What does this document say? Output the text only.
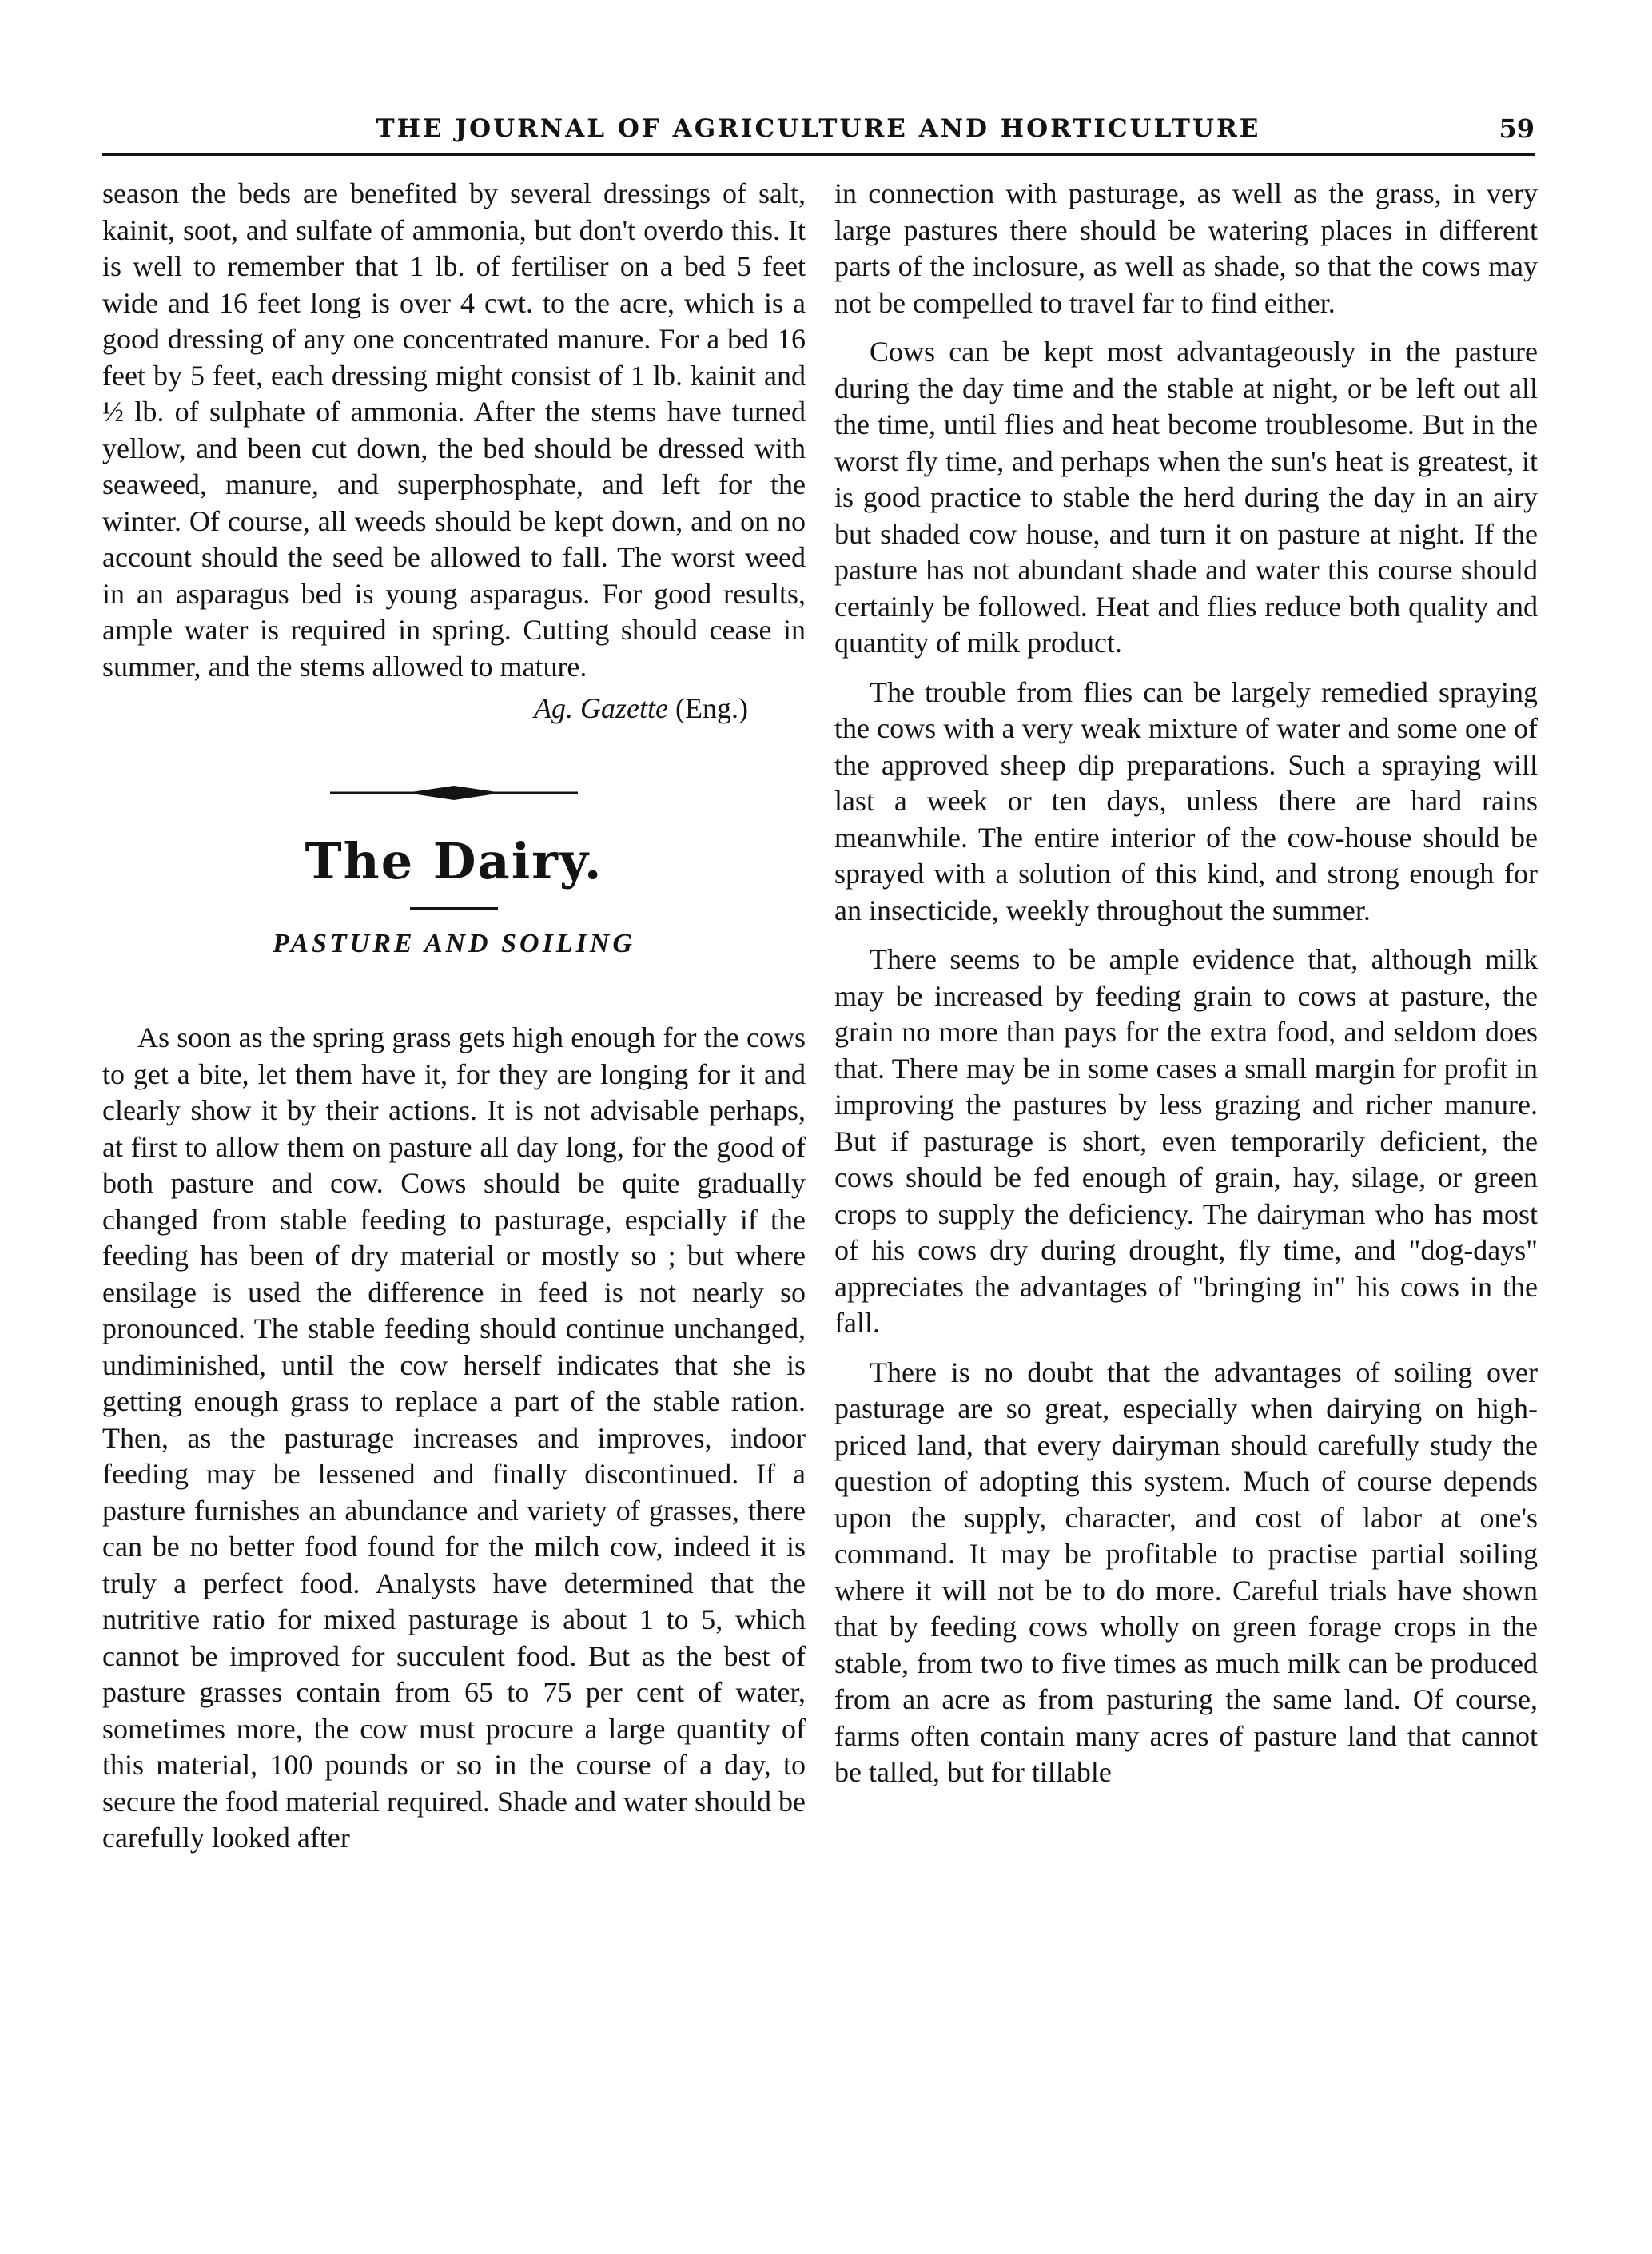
THE JOURNAL OF AGRICULTURE AND HORTICULTURE	59

season the beds are benefited by several dressings of salt, kainit, soot, and sulfate of ammonia, but don't overdo this. It is well to remember that 1 lb. of fertiliser on a bed 5 feet wide and 16 feet long is over 4 cwt. to the acre, which is a good dressing of any one concentrated manure. For a bed 16 feet by 5 feet, each dressing might consist of 1 lb. kainit and ½ lb. of sulphate of ammonia. After the stems have turned yellow, and been cut down, the bed should be dressed with seaweed, manure, and superphosphate, and left for the winter. Of course, all weeds should be kept down, and on no account should the seed be allowed to fall. The worst weed in an asparagus bed is young asparagus. For good results, ample water is required in spring. Cutting should cease in summer, and the stems allowed to mature.

Ag. Gazette (Eng.)
The Dairy.
PASTURE AND SOILING

As soon as the spring grass gets high enough for the cows to get a bite, let them have it, for they are longing for it and clearly show it by their actions. It is not advisable perhaps, at first to allow them on pasture all day long, for the good of both pasture and cow. Cows should be quite gradually changed from stable feeding to pasturage, espcially if the feeding has been of dry material or mostly so ; but where ensilage is used the difference in feed is not nearly so pronounced. The stable feeding should continue unchanged, undiminished, until the cow herself indicates that she is getting enough grass to replace a part of the stable ration. Then, as the pasturage increases and improves, indoor feeding may be lessened and finally discontinued. If a pasture furnishes an abundance and variety of grasses, there can be no better food found for the milch cow, indeed it is truly a perfect food. Analysts have determined that the nutritive ratio for mixed pasturage is about 1 to 5, which cannot be improved for succulent food. But as the best of pasture grasses contain from 65 to 75 per cent of water, sometimes more, the cow must procure a large quantity of this material, 100 pounds or so in the course of a day, to secure the food material required. Shade and water should be carefully looked after

in connection with pasturage, as well as the grass, in very large pastures there should be watering places in different parts of the inclosure, as well as shade, so that the cows may not be compelled to travel far to find either.

Cows can be kept most advantageously in the pasture during the day time and the stable at night, or be left out all the time, until flies and heat become troublesome. But in the worst fly time, and perhaps when the sun's heat is greatest, it is good practice to stable the herd during the day in an airy but shaded cow house, and turn it on pasture at night. If the pasture has not abundant shade and water this course should certainly be followed. Heat and flies reduce both quality and quantity of milk product.

The trouble from flies can be largely remedied spraying the cows with a very weak mixture of water and some one of the approved sheep dip preparations. Such a spraying will last a week or ten days, unless there are hard rains meanwhile. The entire interior of the cow-house should be sprayed with a solution of this kind, and strong enough for an insecticide, weekly throughout the summer.

There seems to be ample evidence that, although milk may be increased by feeding grain to cows at pasture, the grain no more than pays for the extra food, and seldom does that. There may be in some cases a small margin for profit in improving the pastures by less grazing and richer manure. But if pasturage is short, even temporarily deficient, the cows should be fed enough of grain, hay, silage, or green crops to supply the deficiency. The dairyman who has most of his cows dry during drought, fly time, and "dog-days" appreciates the advantages of "bringing in" his cows in the fall.

There is no doubt that the advantages of soiling over pasturage are so great, especially when dairying on high-priced land, that every dairyman should carefully study the question of adopting this system. Much of course depends upon the supply, character, and cost of labor at one's command. It may be profitable to practise partial soiling where it will not be to do more. Careful trials have shown that by feeding cows wholly on green forage crops in the stable, from two to five times as much milk can be produced from an acre as from pasturing the same land. Of course, farms often contain many acres of pasture land that cannot be talled, but for tillable
